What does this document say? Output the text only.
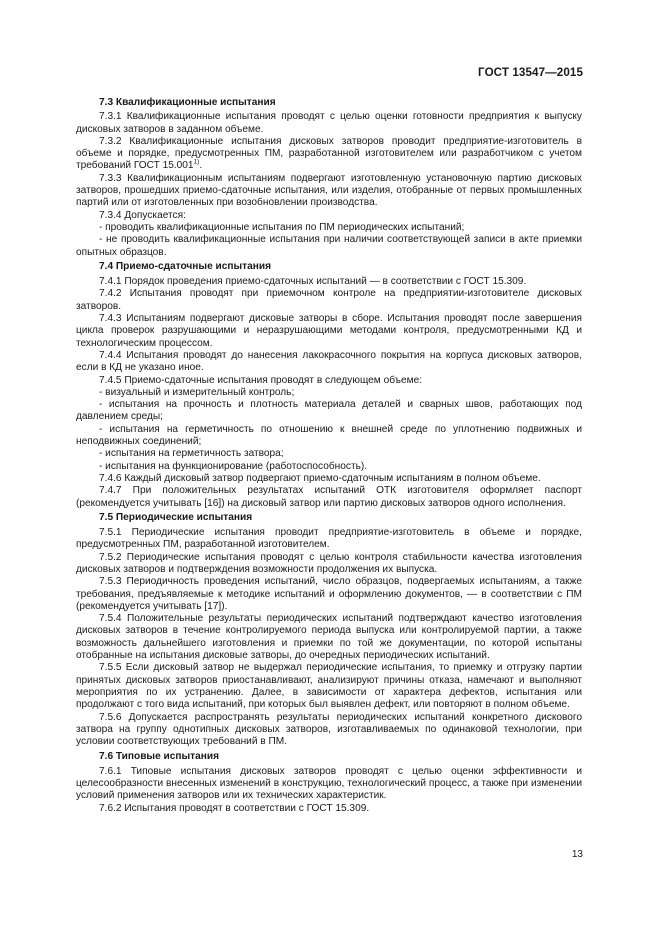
ГОСТ 13547—2015

7.3 Квалификационные испытания

7.3.1 Квалификационные испытания проводят с целью оценки готовности предприятия к выпуску дисковых затворов в заданном объеме.

7.3.2 Квалификационные испытания дисковых затворов проводит предприятие-изготовитель в объеме и порядке, предусмотренных ПМ, разработанной изготовителем или разработчиком с учетом требований ГОСТ 15.001$^{1)}$.

7.3.3 Квалификационным испытаниям подвергают изготовленную установочную партию дисковых затворов, прошедших приемо-сдаточные испытания, или изделия, отобранные от первых промышленных партий или от изготовленных при возобновлении производства.

7.3.4 Допускается:

- проводить квалификационные испытания по ПМ периодических испытаний;

- не проводить квалификационные испытания при наличии соответствующей записи в акте приемки опытных образцов.

7.4 Приемо-сдаточные испытания

7.4.1 Порядок проведения приемо-сдаточных испытаний — в соответствии с ГОСТ 15.309.

7.4.2 Испытания проводят при приемочном контроле на предприятии-изготовителе дисковых затворов.

7.4.3 Испытаниям подвергают дисковые затворы в сборе. Испытания проводят после завершения цикла проверок разрушающими и неразрушающими методами контроля, предусмотренными КД и технологическим процессом.

7.4.4 Испытания проводят до нанесения лакокрасочного покрытия на корпуса дисковых затворов, если в КД не указано иное.

7.4.5 Приемо-сдаточные испытания проводят в следующем объеме:

- визуальный и измерительный контроль;

- испытания на прочность и плотность материала деталей и сварных швов, работающих под давлением среды;

- испытания на герметичность по отношению к внешней среде по уплотнению подвижных и неподвижных соединений;

- испытания на герметичность затвора;

- испытания на функционирование (работоспособность).

7.4.6 Каждый дисковый затвор подвергают приемо-сдаточным испытаниям в полном объеме.

7.4.7 При положительных результатах испытаний ОТК изготовителя оформляет паспорт (рекомендуется учитывать [16]) на дисковый затвор или партию дисковых затворов одного исполнения.

7.5 Периодические испытания

7.5.1 Периодические испытания проводит предприятие-изготовитель в объеме и порядке, предусмотренных ПМ, разработанной изготовителем.

7.5.2 Периодические испытания проводят с целью контроля стабильности качества изготовления дисковых затворов и подтверждения возможности продолжения их выпуска.

7.5.3 Периодичность проведения испытаний, число образцов, подвергаемых испытаниям, а также требования, предъявляемые к методике испытаний и оформлению документов, — в соответствии с ПМ (рекомендуется учитывать [17]).

7.5.4 Положительные результаты периодических испытаний подтверждают качество изготовления дисковых затворов в течение контролируемого периода выпуска или контролируемой партии, а также возможность дальнейшего изготовления и приемки по той же документации, по которой испытаны отобранные на испытания дисковые затворы, до очередных периодических испытаний.

7.5.5 Если дисковый затвор не выдержал периодические испытания, то приемку и отгрузку партии принятых дисковых затворов приостанавливают, анализируют причины отказа, намечают и выполняют мероприятия по их устранению. Далее, в зависимости от характера дефектов, испытания или продолжают с того вида испытаний, при которых был выявлен дефект, или повторяют в полном объеме.

7.5.6 Допускается распространять результаты периодических испытаний конкретного дискового затвора на группу однотипных дисковых затворов, изготавливаемых по одинаковой технологии, при условии соответствующих требований в ПМ.

7.6 Типовые испытания

7.6.1 Типовые испытания дисковых затворов проводят с целью оценки эффективности и целесообразности внесенных изменений в конструкцию, технологический процесс, а также при изменении условий применения затворов или их технических характеристик.

7.6.2 Испытания проводят в соответствии с ГОСТ 15.309.

13
